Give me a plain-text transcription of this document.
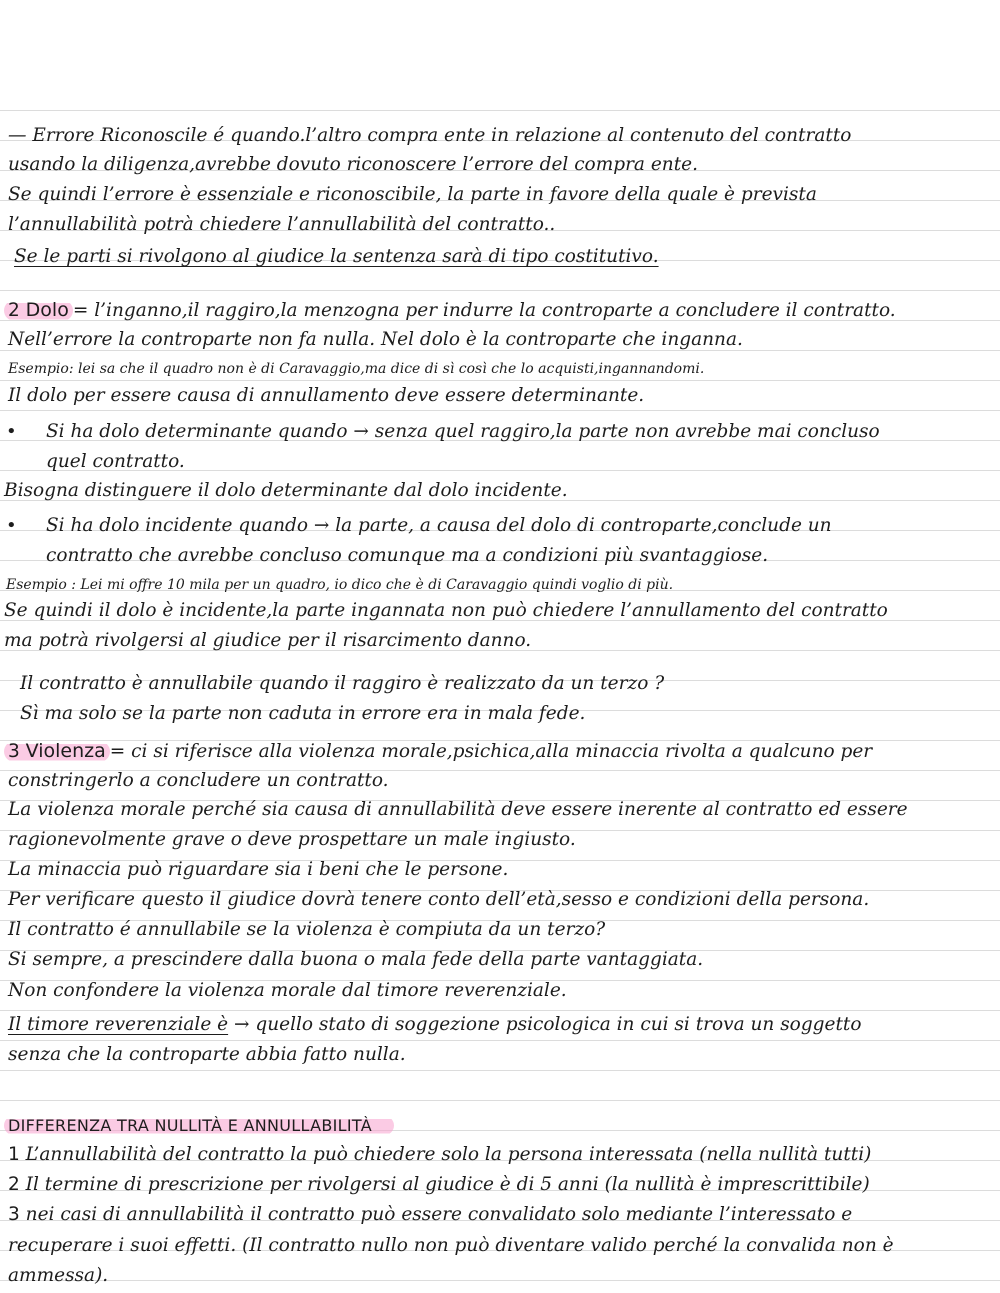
— Errore Riconoscile é quando.l’altro compra ente in relazione al contenuto del contratto
usando la diligenza,avrebbe dovuto riconoscere l’errore del compra ente.
Se quindi l’errore è essenziale e riconoscibile, la parte in favore della quale è prevista
l’annullabilità potrà chiedere l’annullabilità del contratto..
Se le parti si rivolgono al giudice la sentenza sarà di tipo costitutivo.
2 Dolo = l’inganno,il raggiro,la menzogna per indurre la controparte a concludere il contratto.
Nell’errore la controparte non fa nulla. Nel dolo è la controparte che inganna.
Esempio: lei sa che il quadro non è di Caravaggio,ma dice di sì così che lo acquisti,ingannandomi.
Il dolo per essere causa di annullamento deve essere determinante.
• Si ha dolo determinante quando → senza quel raggiro,la parte non avrebbe mai concluso
quel contratto.
Bisogna distinguere il dolo determinante dal dolo incidente.
• Si ha dolo incidente quando → la parte, a causa del dolo di controparte,conclude un
contratto che avrebbe concluso comunque ma a condizioni più svantaggiose.
Esempio : Lei mi offre 10 mila per un quadro, io dico che è di Caravaggio quindi voglio di più.
Se quindi il dolo è incidente,la parte ingannata non può chiedere l’annullamento del contratto
ma potrà rivolgersi al giudice per il risarcimento danno.
Il contratto è annullabile quando il raggiro è realizzato da un terzo ?
Sì ma solo se la parte non caduta in errore era in mala fede.
3 Violenza = ci si riferisce alla violenza morale,psichica,alla minaccia rivolta a qualcuno per
constringerlo a concludere un contratto.
La violenza morale perché sia causa di annullabilità deve essere inerente al contratto ed essere
ragionevolmente grave o deve prospettare un male ingiusto.
La minaccia può riguardare sia i beni che le persone.
Per verificare questo il giudice dovrà tenere conto dell’età,sesso e condizioni della persona.
Il contratto é annullabile se la violenza è compiuta da un terzo?
Si sempre, a prescindere dalla buona o mala fede della parte vantaggiata.
Non confondere la violenza morale dal timore reverenziale.
Il timore reverenziale è → quello stato di soggezione psicologica in cui si trova un soggetto
senza che la controparte abbia fatto nulla.
DIFFERENZA TRA NULLITÀ E ANNULLABILITÀ
1 L’annullabilità del contratto la può chiedere solo la persona interessata (nella nullità tutti)
2 Il termine di prescrizione per rivolgersi al giudice è di 5 anni (la nullità è imprescrittibile)
3 nei casi di annullabilità il contratto può essere convalidato solo mediante l’interessato e
recuperare i suoi effetti. (Il contratto nullo non può diventare valido perché la convalida non è
ammessa).
